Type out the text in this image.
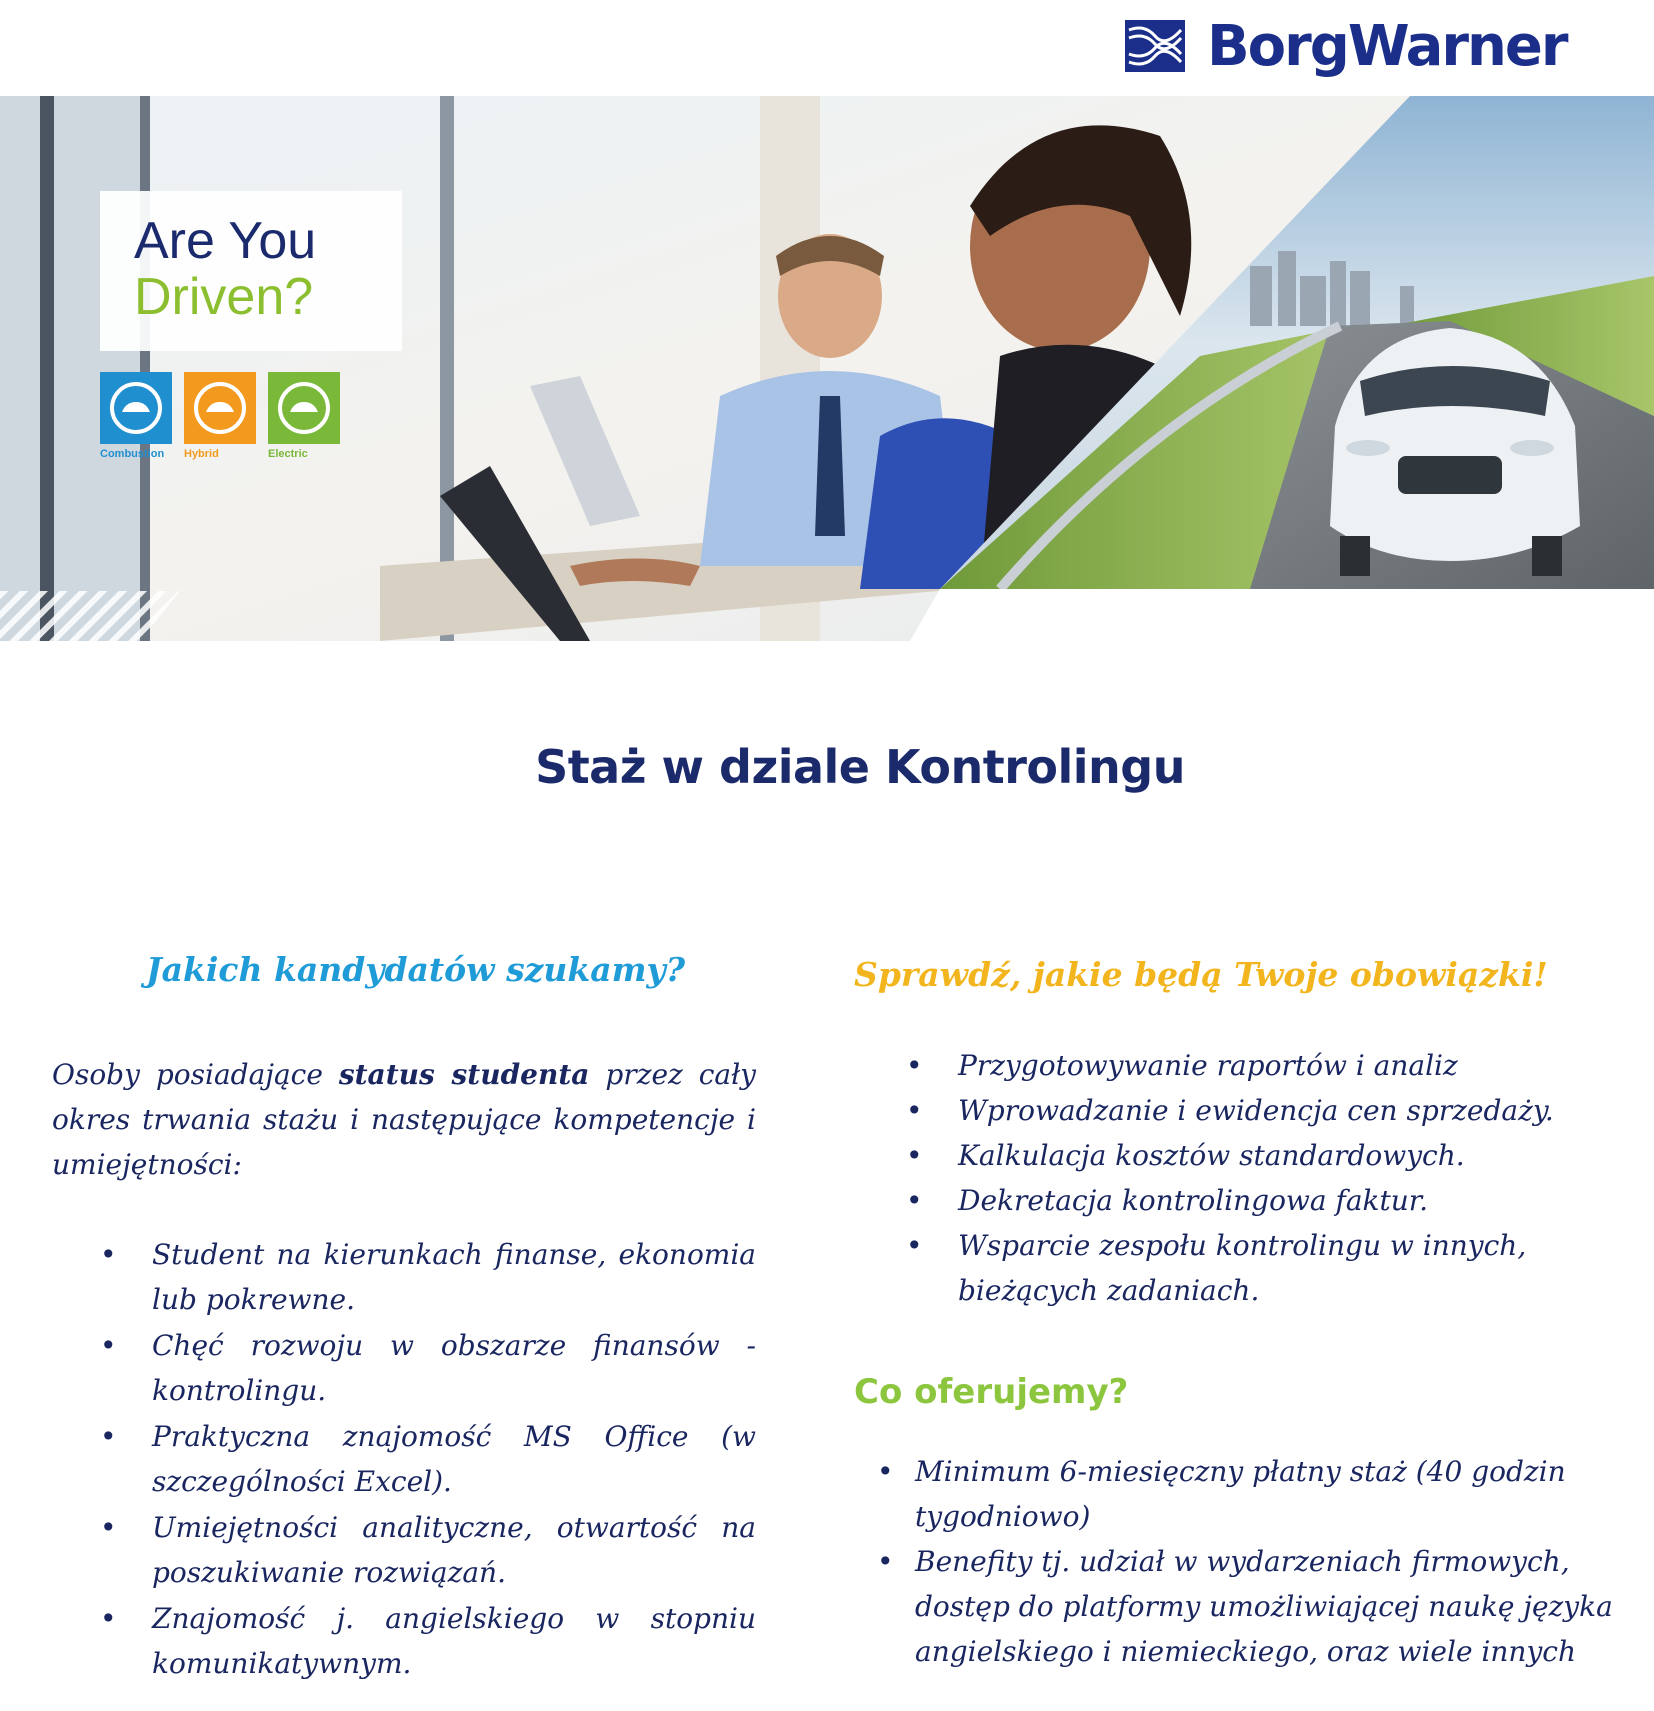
BorgWarner
Are You
Driven?
Combustion Hybrid	Electric
Staż w dziale Kontrolingu
Jakich kandydatów szukamy?
Osoby posiadające status studenta przez cały okres trwania stażu i następujące kompetencje i umiejętności:
• Student na kierunkach finanse, ekonomia lub pokrewne.
• Chęć rozwoju w obszarze finansów - kontrolingu.
• Praktyczna znajomość MS Office (w szczególności Excel).
• Umiejętności analityczne, otwartość na poszukiwanie rozwiązań.
• Znajomość j. angielskiego w stopniu komunikatywnym.
Sprawdź, jakie będą Twoje obowiązki!
• Przygotowywanie raportów i analiz
• Wprowadzanie i ewidencja cen sprzedaży.
• Kalkulacja kosztów standardowych.
• Dekretacja kontrolingowa faktur.
• Wsparcie zespołu kontrolingu w innych, bieżących zadaniach.
Co oferujemy?
• Minimum 6-miesięczny płatny staż (40 godzin tygodniowo)
• Benefity tj. udział w wydarzeniach firmowych, dostęp do platformy umożliwiającej naukę języka angielskiego i niemieckiego, oraz wiele innych
